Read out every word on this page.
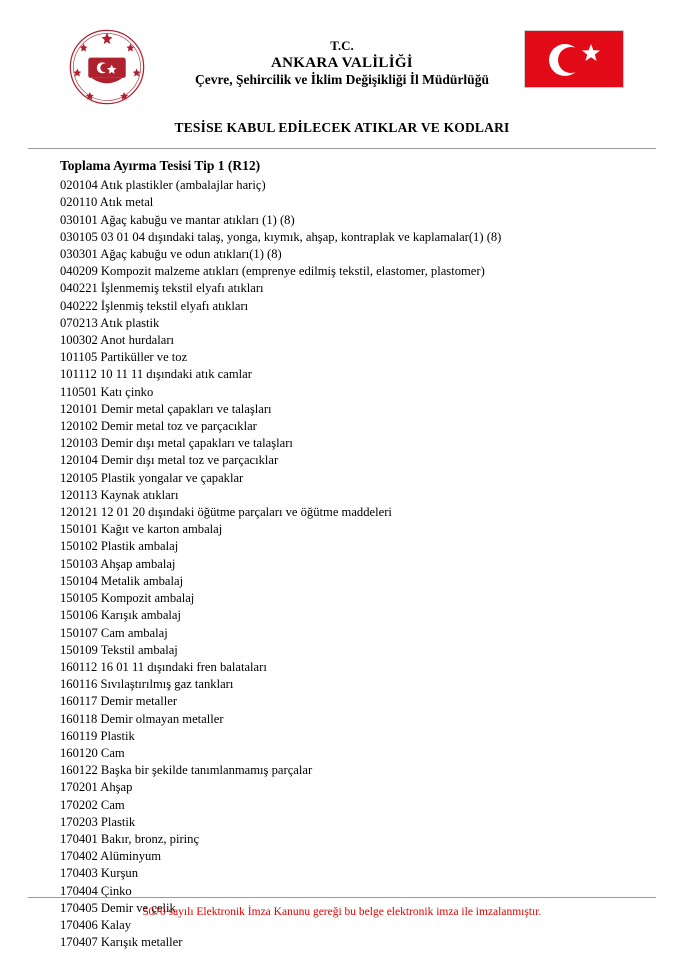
T.C.
ANKARA VALİLİĞİ
Çevre, Şehircilik ve İklim Değişikliği İl Müdürlüğü
TESİSE KABUL EDİLECEK ATIKLAR VE KODLARI
Toplama Ayırma Tesisi Tip 1 (R12)
020104 Atık plastikler (ambalajlar hariç)
020110 Atık metal
030101 Ağaç kabuğu ve mantar atıkları (1) (8)
030105 03 01 04 dışındaki talaş, yonga, kıymık, ahşap, kontraplak ve kaplamalar(1) (8)
030301 Ağaç kabuğu ve odun atıkları(1) (8)
040209 Kompozit malzeme atıkları (emprenye edilmiş tekstil, elastomer, plastomer)
040221 İşlenmemiş tekstil elyafı atıkları
040222 İşlenmiş tekstil elyafı atıkları
070213 Atık plastik
100302 Anot hurdaları
101105 Partiküller ve toz
101112 10 11 11 dışındaki atık camlar
110501 Katı çinko
120101 Demir metal çapakları ve talaşları
120102 Demir metal toz ve parçacıklar
120103 Demir dışı metal çapakları ve talaşları
120104 Demir dışı metal toz ve parçacıklar
120105 Plastik yongalar ve çapaklar
120113 Kaynak atıkları
120121 12 01 20 dışındaki öğütme parçaları ve öğütme maddeleri
150101 Kağıt ve karton ambalaj
150102 Plastik ambalaj
150103 Ahşap ambalaj
150104 Metalik ambalaj
150105 Kompozit ambalaj
150106 Karışık ambalaj
150107 Cam ambalaj
150109 Tekstil ambalaj
160112 16 01 11 dışındaki fren balataları
160116 Sıvılaştırılmış gaz tankları
160117 Demir metaller
160118 Demir olmayan metaller
160119 Plastik
160120 Cam
160122 Başka bir şekilde tanımlanmamış parçalar
170201 Ahşap
170202 Cam
170203 Plastik
170401 Bakır, bronz, pirinç
170402 Alüminyum
170403 Kurşun
170404 Çinko
170405 Demir ve çelik
170406 Kalay
170407 Karışık metaller
5070 sayılı Elektronik İmza Kanunu gereği bu belge elektronik imza ile imzalanmıştır.
